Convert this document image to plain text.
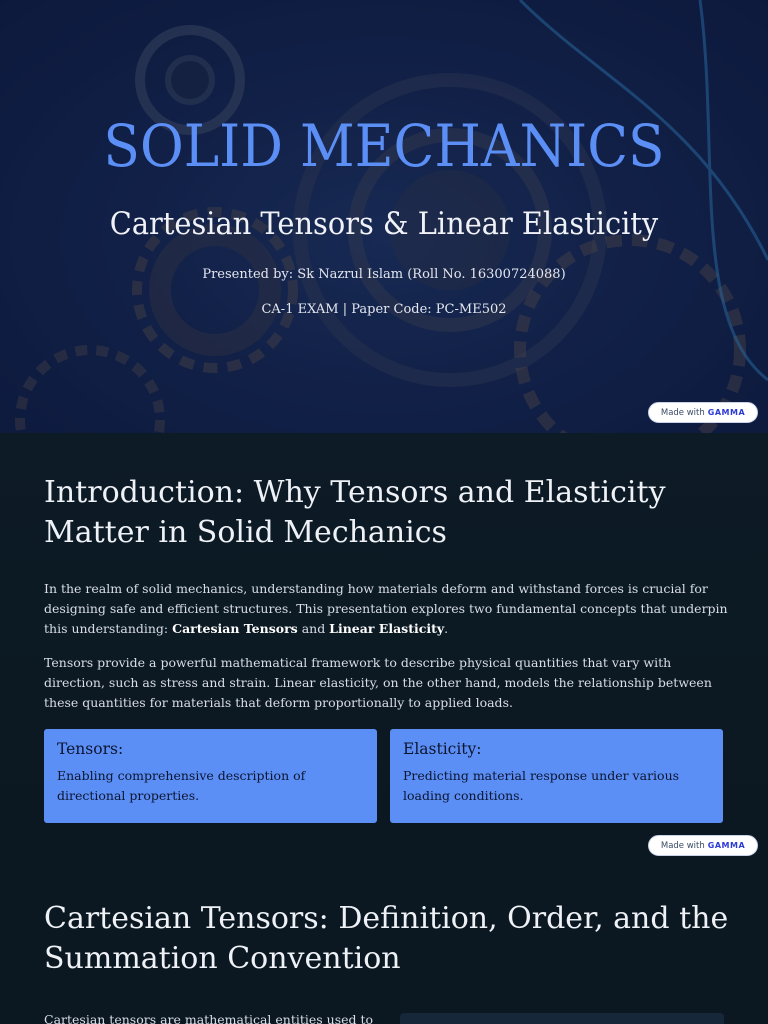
SOLID MECHANICS
Cartesian Tensors & Linear Elasticity
Presented by: Sk Nazrul Islam (Roll No. 16300724088)
CA-1 EXAM | Paper Code: PC-ME502
Made with GAMMA
Introduction: Why Tensors and Elasticity Matter in Solid Mechanics

In the realm of solid mechanics, understanding how materials deform and withstand forces is crucial for designing safe and efficient structures. This presentation explores two fundamental concepts that underpin this understanding: Cartesian Tensors and Linear Elasticity.

Tensors provide a powerful mathematical framework to describe physical quantities that vary with direction, such as stress and strain. Linear elasticity, on the other hand, models the relationship between these quantities for materials that deform proportionally to applied loads.

Tensors:
Enabling comprehensive description of directional properties.
Elasticity:
Predicting material response under various loading conditions.
Made with GAMMA
Cartesian Tensors: Definition, Order, and the Summation Convention

Cartesian tensors are mathematical entities used to
